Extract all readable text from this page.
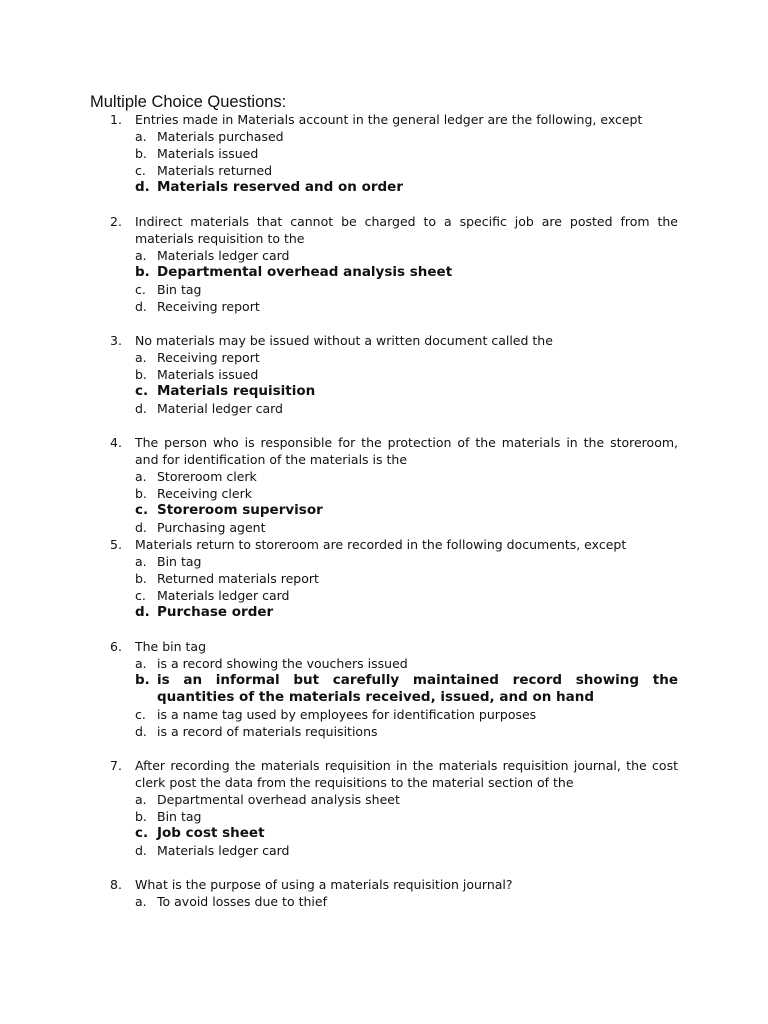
Multiple Choice Questions:
1.	Entries made in Materials account in the general ledger are the following, except
a. Materials purchased
b. Materials issued
c. Materials returned
d. Materials reserved and on order
2.	Indirect materials that cannot be charged to a specific job are posted from the materials requisition to the
a. Materials ledger card
b. Departmental overhead analysis sheet
c. Bin tag
d. Receiving report
3.	No materials may be issued without a written document called the
a. Receiving report
b. Materials issued
c. Materials requisition
d. Material ledger card
4.	The person who is responsible for the protection of the materials in the storeroom, and for identification of the materials is the
a. Storeroom clerk
b. Receiving clerk
c. Storeroom supervisor
d. Purchasing agent
5.	Materials return to storeroom are recorded in the following documents, except
a. Bin tag
b. Returned materials report
c. Materials ledger card
d. Purchase order
6.	The bin tag
a. is a record showing the vouchers issued
b. is an informal but carefully maintained record showing the quantities of the materials received, issued, and on hand
c. is a name tag used by employees for identification purposes
d. is a record of materials requisitions
7.	After recording the materials requisition in the materials requisition journal, the cost clerk post the data from the requisitions to the material section of the
a. Departmental overhead analysis sheet
b. Bin tag
c. Job cost sheet
d. Materials ledger card
8.	What is the purpose of using a materials requisition journal?
a. To avoid losses due to thief
